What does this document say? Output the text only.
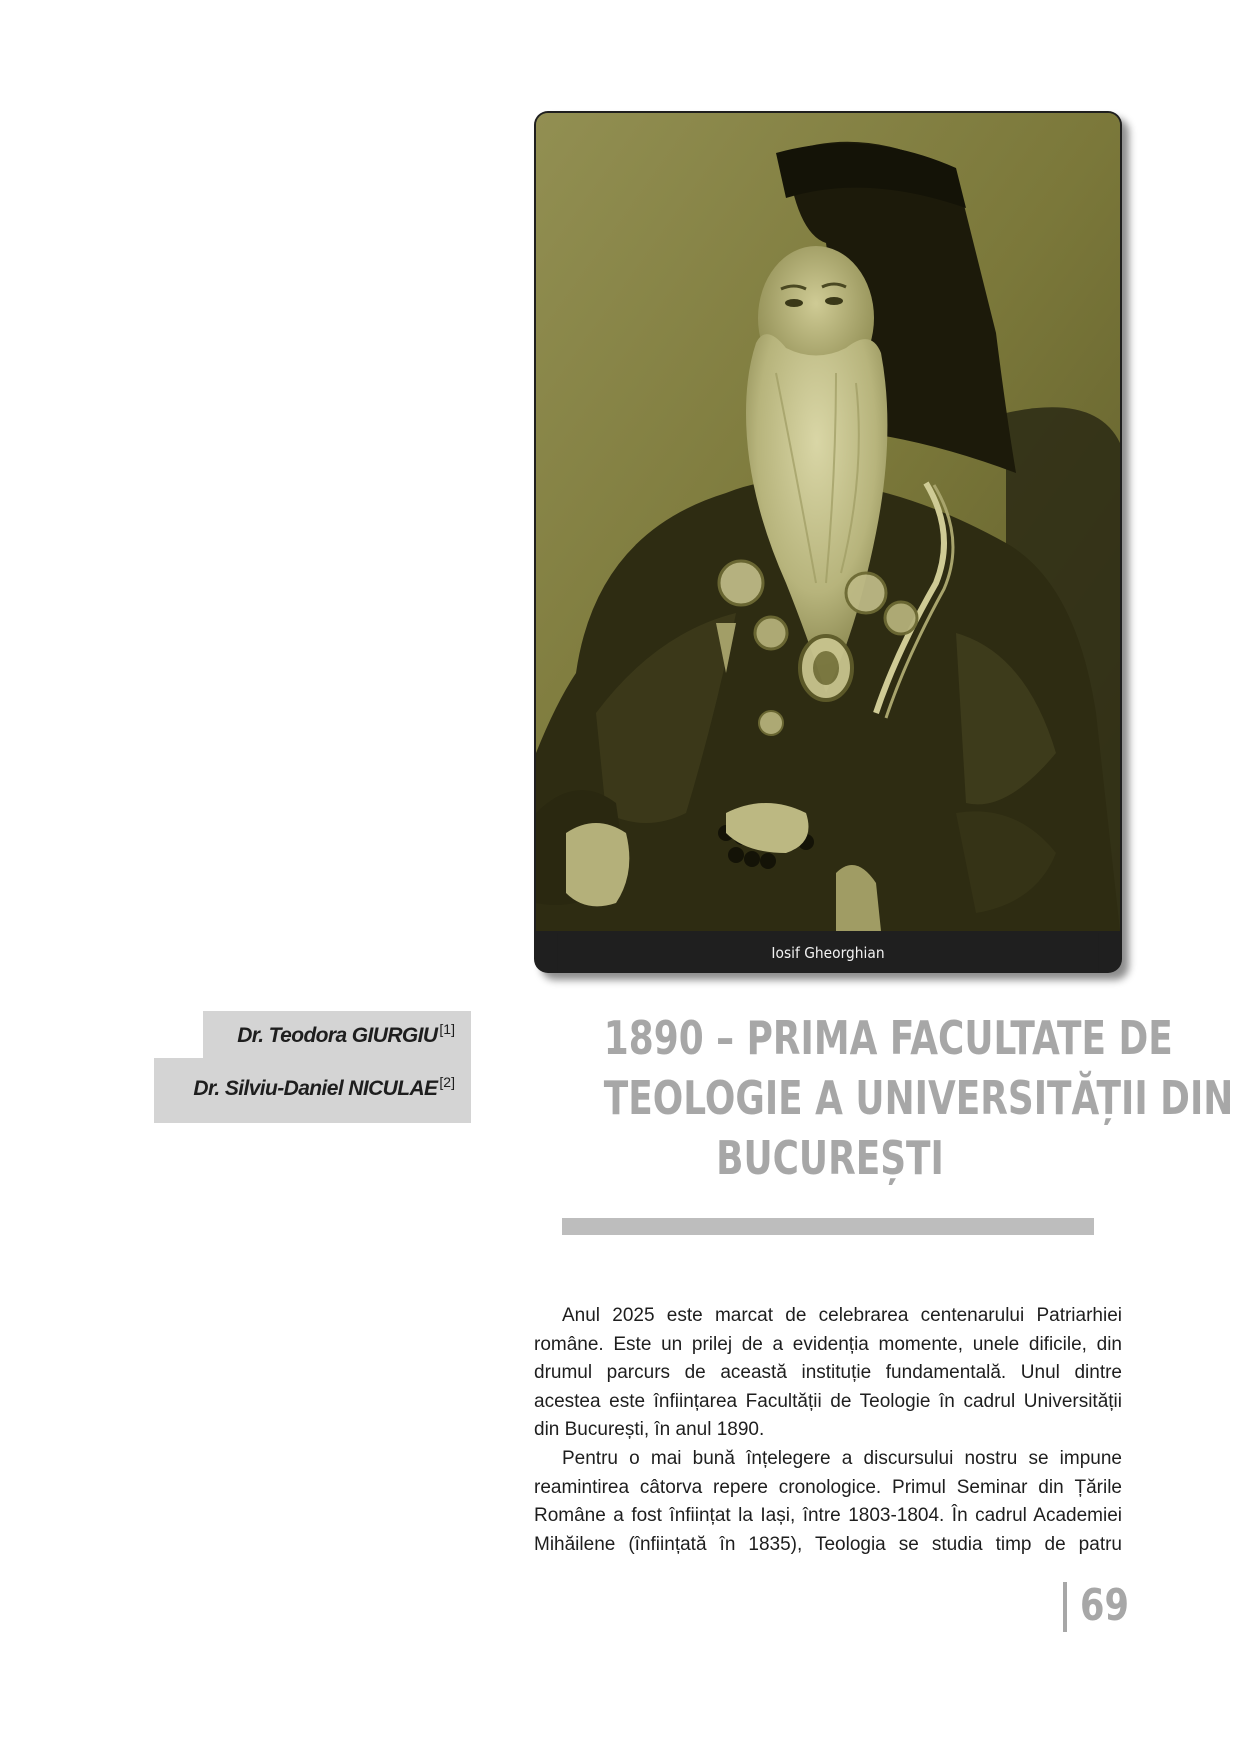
Iosif Gheorghian
Dr. Teodora GIURGIU [1]
Dr. Silviu-Daniel NICULAE [2]
1890 – PRIMA FACULTATE DE
TEOLOGIE A UNIVERSITĂȚII DIN
BUCUREȘTI

Anul 2025 este marcat de celebrarea centenarului Patriarhiei române. Este un prilej de a evidenția momente, unele dificile, din drumul parcurs de această instituție fundamentală. Unul dintre acestea este înființarea Facultății de Teologie în cadrul Universității din București, în anul 1890.

Pentru o mai bună înțelegere a discursului nostru se impune reamintirea câtorva repere cronologice. Primul Seminar din Țările Române a fost înființat la Iași, între 1803-1804. În cadrul Academiei Mihăilene (înființată în 1835), Teologia se studia timp de patru

69
